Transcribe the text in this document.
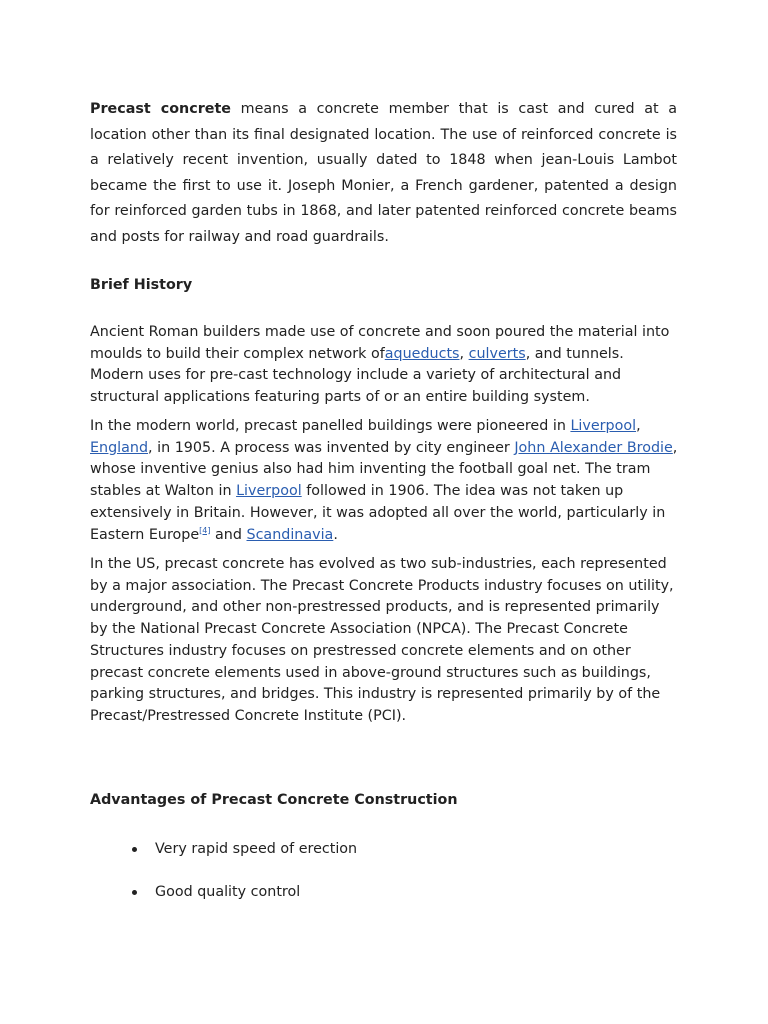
Precast concrete means a concrete member that is cast and cured at a location other than its final designated location. The use of reinforced concrete is a relatively recent invention, usually dated to 1848 when jean-Louis Lambot became the first to use it. Joseph Monier, a French gardener, patented a design for reinforced garden tubs in 1868, and later patented reinforced concrete beams and posts for railway and road guardrails.

Brief History

Ancient Roman builders made use of concrete and soon poured the material into moulds to build their complex network ofaqueducts, culverts, and tunnels. Modern uses for pre-cast technology include a variety of architectural and structural applications featuring parts of or an entire building system.

In the modern world, precast panelled buildings were pioneered in Liverpool, England, in 1905. A process was invented by city engineer John Alexander Brodie, whose inventive genius also had him inventing the football goal net. The tram stables at Walton in Liverpool followed in 1906. The idea was not taken up extensively in Britain. However, it was adopted all over the world, particularly in Eastern Europe[4] and Scandinavia.

In the US, precast concrete has evolved as two sub-industries, each represented by a major association. The Precast Concrete Products industry focuses on utility, underground, and other non-prestressed products, and is represented primarily by the National Precast Concrete Association (NPCA). The Precast Concrete Structures industry focuses on prestressed concrete elements and on other precast concrete elements used in above-ground structures such as buildings, parking structures, and bridges. This industry is represented primarily by of the Precast/Prestressed Concrete Institute (PCI).

Advantages of Precast Concrete Construction
Very rapid speed of erection
Good quality control
